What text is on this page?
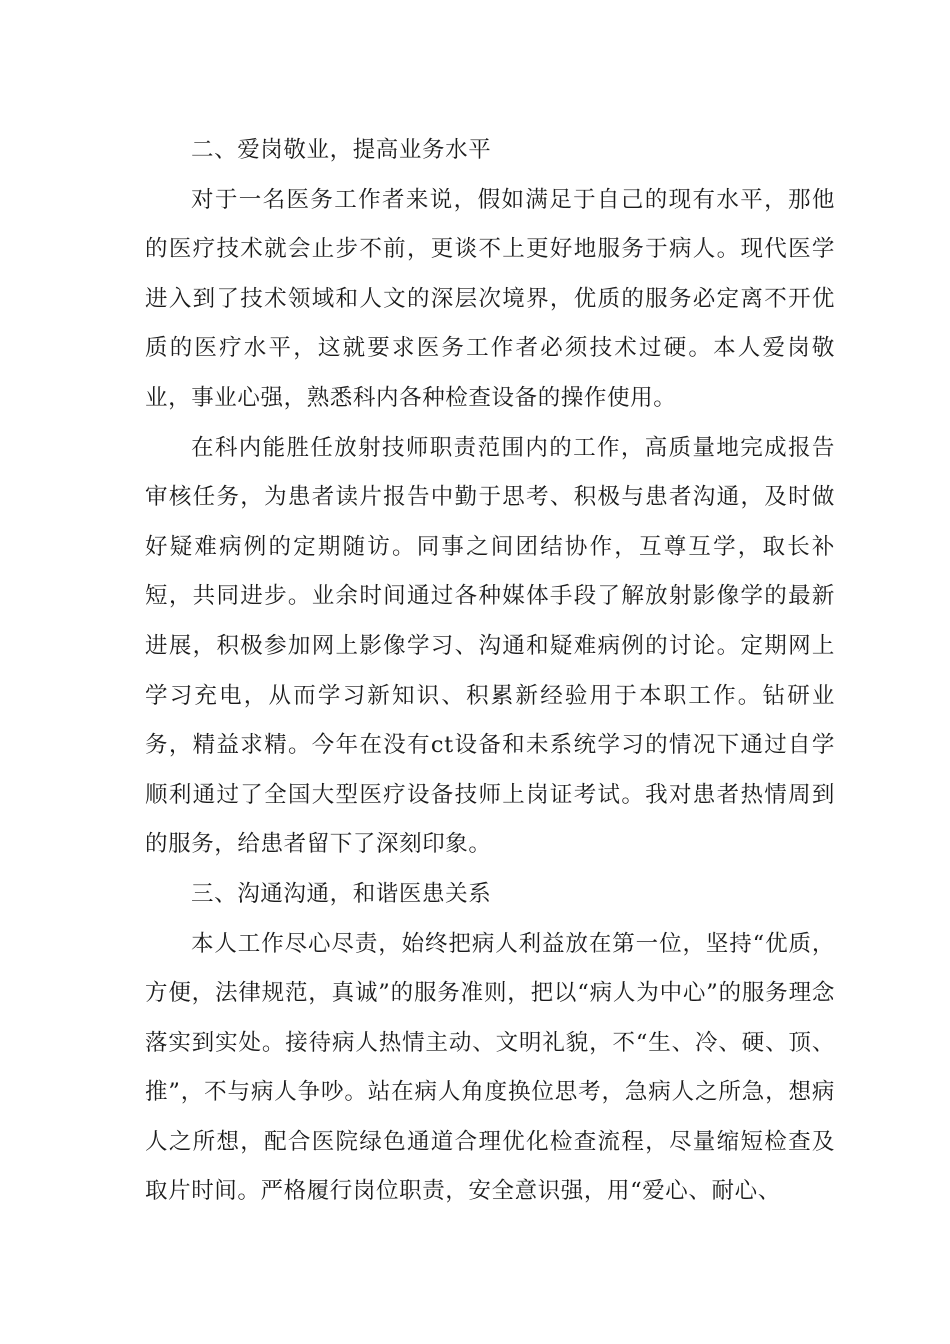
二、爱岗敬业，提高业务水平

对于一名医务工作者来说，假如满足于自己的现有水平，那他的医疗技术就会止步不前，更谈不上更好地服务于病人。现代医学进入到了技术领域和人文的深层次境界，优质的服务必定离不开优质的医疗水平，这就要求医务工作者必须技术过硬。本人爱岗敬业，事业心强，熟悉科内各种检查设备的操作使用。

在科内能胜任放射技师职责范围内的工作，高质量地完成报告审核任务，为患者读片报告中勤于思考、积极与患者沟通，及时做好疑难病例的定期随访。同事之间团结协作，互尊互学，取长补短，共同进步。业余时间通过各种媒体手段了解放射影像学的最新进展，积极参加网上影像学习、沟通和疑难病例的讨论。定期网上学习充电，从而学习新知识、积累新经验用于本职工作。钻研业务，精益求精。今年在没有ct设备和未系统学习的情况下通过自学顺利通过了全国大型医疗设备技师上岗证考试。我对患者热情周到的服务，给患者留下了深刻印象。

三、沟通沟通，和谐医患关系

本人工作尽心尽责，始终把病人利益放在第一位，坚持“优质，方便，法律规范，真诚”的服务准则，把以“病人为中心”的服务理念落实到实处。接待病人热情主动、文明礼貌，不“生、冷、硬、顶、推”，不与病人争吵。站在病人角度换位思考，急病人之所急，想病人之所想，配合医院绿色通道合理优化检查流程，尽量缩短检查及取片时间。严格履行岗位职责，安全意识强，用“爱心、耐心、
